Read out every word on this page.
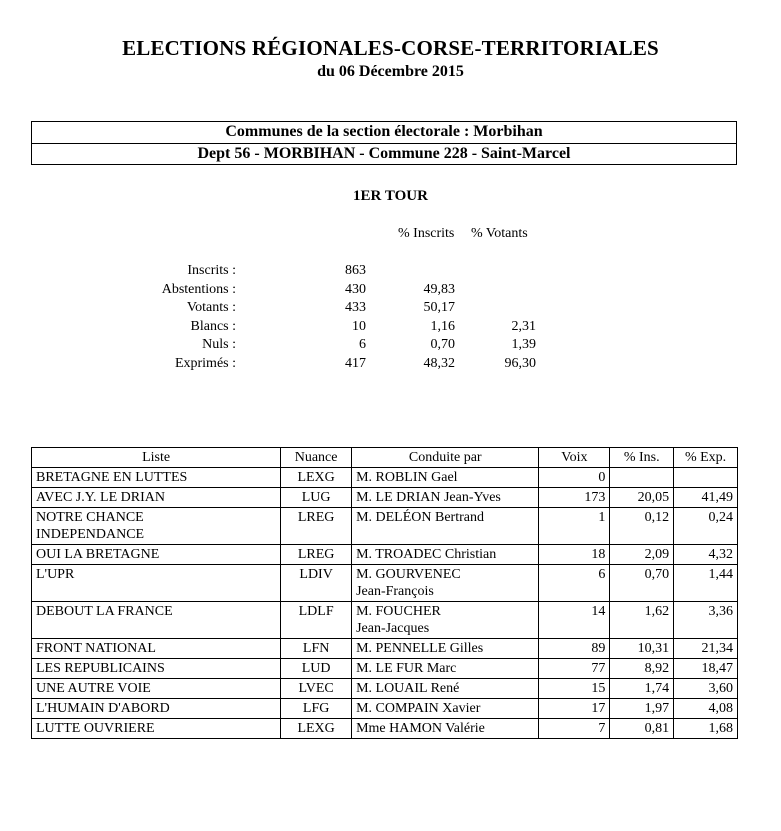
ELECTIONS RÉGIONALES-CORSE-TERRITORIALES
du 06 Décembre 2015
Communes de la section électorale : Morbihan
Dept 56 - MORBIHAN - Commune 228 - Saint-Marcel
1ER TOUR
% Inscrits % Votants
Inscrits :	863
Abstentions :	430	49,83
Votants :	433	50,17
Blancs :	10	1,16	2,31
Nuls :	6	0,70	1,39
Exprimés :	417	48,32	96,30
Liste	Nuance	Conduite par	Voix	% Ins.	% Exp.
BRETAGNE EN LUTTES	LEXG	M. ROBLIN Gael	0		
AVEC J.Y. LE DRIAN	LUG	M. LE DRIAN Jean-Yves	173	20,05	41,49
NOTRE CHANCE
INDEPENDANCE	LREG	M. DELÉON Bertrand	1	0,12	0,24
OUI LA BRETAGNE	LREG	M. TROADEC Christian	18	2,09	4,32
L'UPR	LDIV	M. GOURVENEC
Jean-François	6	0,70	1,44
DEBOUT LA FRANCE	LDLF	M. FOUCHER
Jean-Jacques	14	1,62	3,36
FRONT NATIONAL	LFN	M. PENNELLE Gilles	89	10,31	21,34
LES REPUBLICAINS	LUD	M. LE FUR Marc	77	8,92	18,47
UNE AUTRE VOIE	LVEC	M. LOUAIL René	15	1,74	3,60
L'HUMAIN D'ABORD	LFG	M. COMPAIN Xavier	17	1,97	4,08
LUTTE OUVRIERE	LEXG	Mme HAMON Valérie	7	0,81	1,68
